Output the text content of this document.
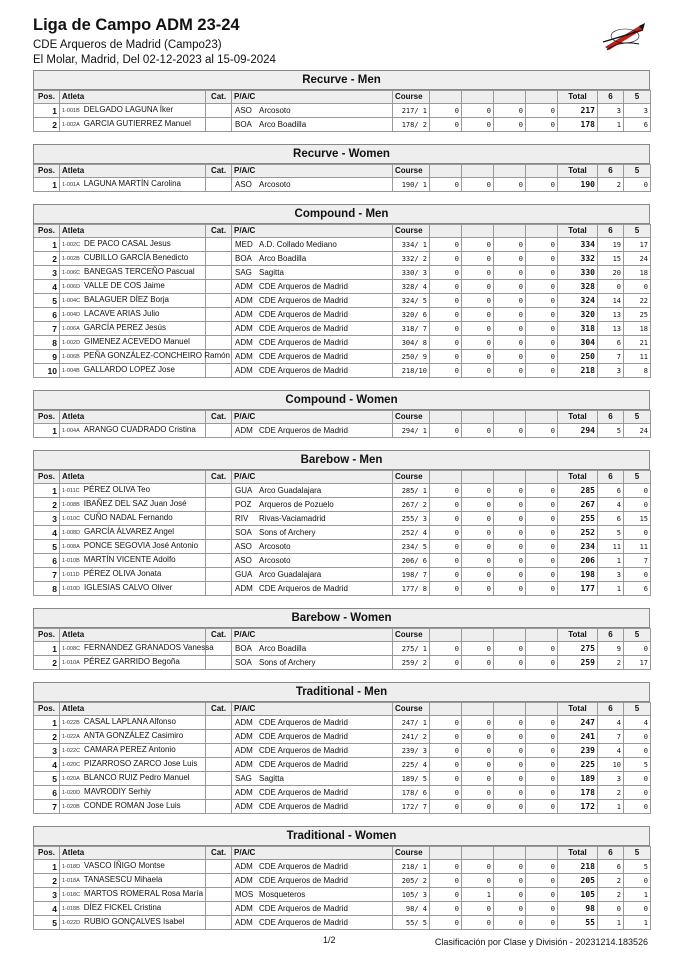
Liga de Campo ADM 23-24
CDE Arqueros de Madrid (Campo23)
El Molar, Madrid, Del 02-12-2023 al 15-09-2024
Recurve - Men
Pos.	Atleta	Cat.	P/A/C	Course					Total	6	5
1	1-001B DELGADO LAGUNA Íker		ASO Arcosoto	217/ 1	0	0	0	0	217	3	3
2	1-002A GARCIA GUTIERREZ Manuel		BOA Arco Boadilla	178/ 2	0	0	0	0	178	1	6
Recurve - Women
Pos.	Atleta	Cat.	P/A/C	Course					Total	6	5
1	1-001A LAGUNA MARTÍN Carolina		ASO Arcosoto	190/ 1	0	0	0	0	190	2	0
Compound - Men
Pos.	Atleta	Cat.	P/A/C	Course					Total	6	5
1	1-002C DE PACO CASAL Jesus		MED A.D. Collado Mediano	334/ 1	0	0	0	0	334	19	17
2	1-002B CUBILLO GARCÍA Benedicto		BOA Arco Boadilla	332/ 2	0	0	0	0	332	15	24
3	1-006C BANEGAS TERCEÑO Pascual		SAG Sagitta	330/ 3	0	0	0	0	330	20	18
4	1-006D VALLE DE COS Jaime		ADM CDE Arqueros de Madrid	328/ 4	0	0	0	0	328	0	0
5	1-004C BALAGUER DÍEZ Borja		ADM CDE Arqueros de Madrid	324/ 5	0	0	0	0	324	14	22
6	1-004D LACAVE ARIAS Julio		ADM CDE Arqueros de Madrid	320/ 6	0	0	0	0	320	13	25
7	1-006A GARCÍA PEREZ Jesús		ADM CDE Arqueros de Madrid	318/ 7	0	0	0	0	318	13	18
8	1-002D GIMENEZ ACEVEDO Manuel		ADM CDE Arqueros de Madrid	304/ 8	0	0	0	0	304	6	21
9	1-006B PEÑA GONZÁLEZ-CONCHEIRO Ramón		ADM CDE Arqueros de Madrid	250/ 9	0	0	0	0	250	7	11
10	1-004B GALLARDO LOPEZ Jose		ADM CDE Arqueros de Madrid	218/10	0	0	0	0	218	3	8
Compound - Women
Pos.	Atleta	Cat.	P/A/C	Course					Total	6	5
1	1-004A ARANGO CUADRADO Cristina		ADM CDE Arqueros de Madrid	294/ 1	0	0	0	0	294	5	24
Barebow - Men
Pos.	Atleta	Cat.	P/A/C	Course					Total	6	5
1	1-011C PÉREZ OLIVA Teo		GUA Arco Guadalajara	285/ 1	0	0	0	0	285	6	0
2	1-008B IBAÑEZ DEL SAZ Juan José		POZ Arqueros de Pozuelo	267/ 2	0	0	0	0	267	4	0
3	1-010C CUÑO NADAL Fernando		RIV Rivas-Vaciamadrid	255/ 3	0	0	0	0	255	6	15
4	1-008D GARCÍA ÁLVAREZ Angel		SOA Sons of Archery	252/ 4	0	0	0	0	252	5	0
5	1-008A PONCE SEGOVIA José Antonio		ASO Arcosoto	234/ 5	0	0	0	0	234	11	11
6	1-010B MARTÍN VICENTE Adolfo		ASO Arcosoto	206/ 6	0	0	0	0	206	1	7
7	1-011D PÉREZ OLIVA Jonata		GUA Arco Guadalajara	198/ 7	0	0	0	0	198	3	0
8	1-010D IGLESIAS CALVO Oliver		ADM CDE Arqueros de Madrid	177/ 8	0	0	0	0	177	1	6
Barebow - Women
Pos.	Atleta	Cat.	P/A/C	Course					Total	6	5
1	1-008C FERNÁNDEZ GRANADOS Vanessa		BOA Arco Boadilla	275/ 1	0	0	0	0	275	9	0
2	1-010A PÉREZ GARRIDO Begoña		SOA Sons of Archery	259/ 2	0	0	0	0	259	2	17
Traditional - Men
Pos.	Atleta	Cat.	P/A/C	Course					Total	6	5
1	1-022B CASAL LAPLANA Alfonso		ADM CDE Arqueros de Madrid	247/ 1	0	0	0	0	247	4	4
2	1-022A ANTA GONZÁLEZ Casimiro		ADM CDE Arqueros de Madrid	241/ 2	0	0	0	0	241	7	0
3	1-022C CAMARA PEREZ Antonio		ADM CDE Arqueros de Madrid	239/ 3	0	0	0	0	239	4	0
4	1-020C PIZARROSO ZARCO Jose Luis		ADM CDE Arqueros de Madrid	225/ 4	0	0	0	0	225	10	5
5	1-020A BLANCO RUIZ Pedro Manuel		SAG Sagitta	189/ 5	0	0	0	0	189	3	0
6	1-020D MAVRODIY Serhiy		ADM CDE Arqueros de Madrid	178/ 6	0	0	0	0	178	2	0
7	1-020B CONDE ROMAN Jose Luis		ADM CDE Arqueros de Madrid	172/ 7	0	0	0	0	172	1	0
Traditional - Women
Pos.	Atleta	Cat.	P/A/C	Course					Total	6	5
1	1-018D VASCO ÍÑIGO Montse		ADM CDE Arqueros de Madrid	218/ 1	0	0	0	0	218	6	5
2	1-018A TANASESCU Mihaela		ADM CDE Arqueros de Madrid	205/ 2	0	0	0	0	205	2	0
3	1-018C MARTOS ROMERAL Rosa María		MOS Mosqueteros	105/ 3	0	1	0	0	105	2	1
4	1-018B DÍEZ FICKEL Cristina		ADM CDE Arqueros de Madrid	98/ 4	0	0	0	0	98	0	0
5	1-022D RUBIO GONÇALVES Isabel		ADM CDE Arqueros de Madrid	55/ 5	0	0	0	0	55	1	1
1/2	Clasificación por Clase y División - 20231214.183526
